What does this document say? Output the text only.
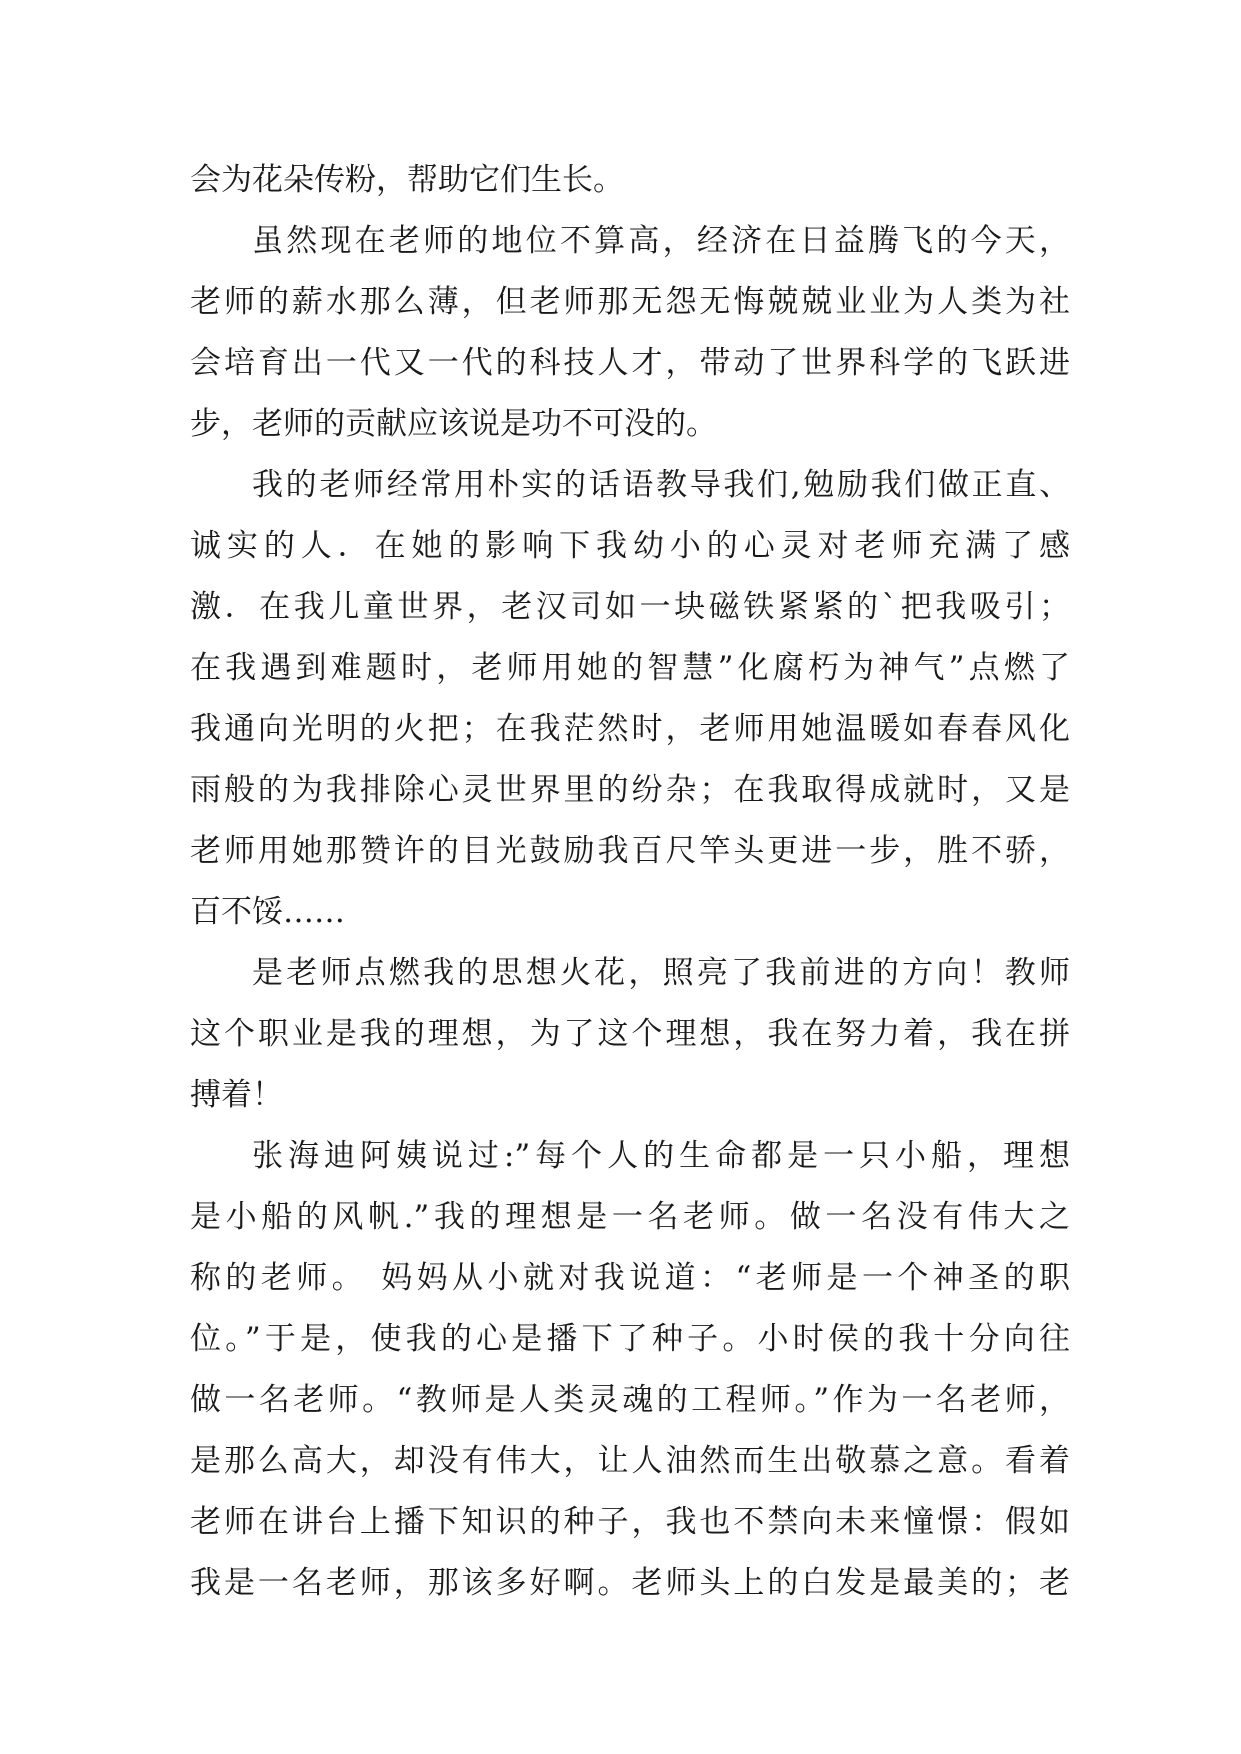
会为花朵传粉，帮助它们生长。
虽然现在老师的地位不算高，经济在日益腾飞的今天，
老师的薪水那么薄，但老师那无怨无悔兢兢业业为人类为社
会培育出一代又一代的科技人才，带动了世界科学的飞跃进
步，老师的贡献应该说是功不可没的。
我的老师经常用朴实的话语教导我们,勉励我们做正直、
诚实的人．在她的影响下我幼小的心灵对老师充满了感
激．在我儿童世界，老汉司如一块磁铁紧紧的`把我吸引；
在我遇到难题时，老师用她的智慧”化腐朽为神气”点燃了
我通向光明的火把；在我茫然时，老师用她温暖如春春风化
雨般的为我排除心灵世界里的纷杂；在我取得成就时，又是
老师用她那赞许的目光鼓励我百尺竿头更进一步，胜不骄，
百不馁……
是老师点燃我的思想火花，照亮了我前进的方向！教师
这个职业是我的理想，为了这个理想，我在努力着，我在拼
搏着！
张海迪阿姨说过:”每个人的生命都是一只小船，理想
是小船的风帆.”我的理想是一名老师。做一名没有伟大之
称的老师。 妈妈从小就对我说道：“老师是一个神圣的职
位。”于是，使我的心是播下了种子。小时侯的我十分向往
做一名老师。“教师是人类灵魂的工程师。”作为一名老师，
是那么高大，却没有伟大，让人油然而生出敬慕之意。看着
老师在讲台上播下知识的种子，我也不禁向未来憧憬：假如
我是一名老师，那该多好啊。老师头上的白发是最美的；老
